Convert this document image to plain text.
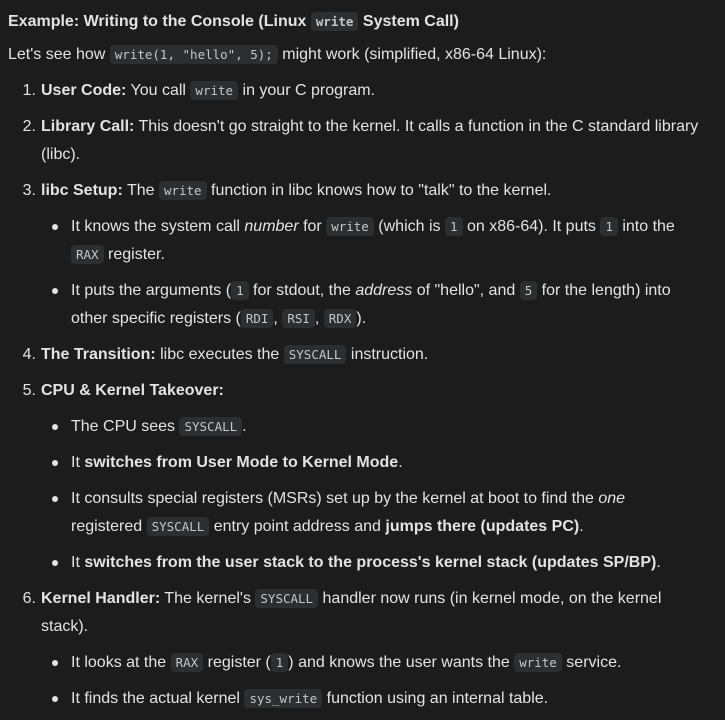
Example: Writing to the Console (Linux write System Call)
Let's see how write(1, "hello", 5); might work (simplified, x86-64 Linux):
1. User Code: You call write in your C program.
2. Library Call: This doesn't go straight to the kernel. It calls a function in the C standard library
(libc).
3. libc Setup: The write function in libc knows how to "talk" to the kernel.
It knows the system call number for write (which is 1 on x86-64). It puts 1 into the
RAX register.
It puts the arguments ( 1 for stdout, the address of "hello", and 5 for the length) into
other specific registers ( RDI , RSI , RDX ).
4. The Transition: libc executes the SYSCALL instruction.
5. CPU & Kernel Takeover:
The CPU sees SYSCALL .
It switches from User Mode to Kernel Mode.
It consults special registers (MSRs) set up by the kernel at boot to find the one
registered SYSCALL entry point address and jumps there (updates PC).
It switches from the user stack to the process's kernel stack (updates SP/BP).
6. Kernel Handler: The kernel's SYSCALL handler now runs (in kernel mode, on the kernel
stack).
It looks at the RAX register ( 1 ) and knows the user wants the write service.
It finds the actual kernel sys_write function using an internal table.
